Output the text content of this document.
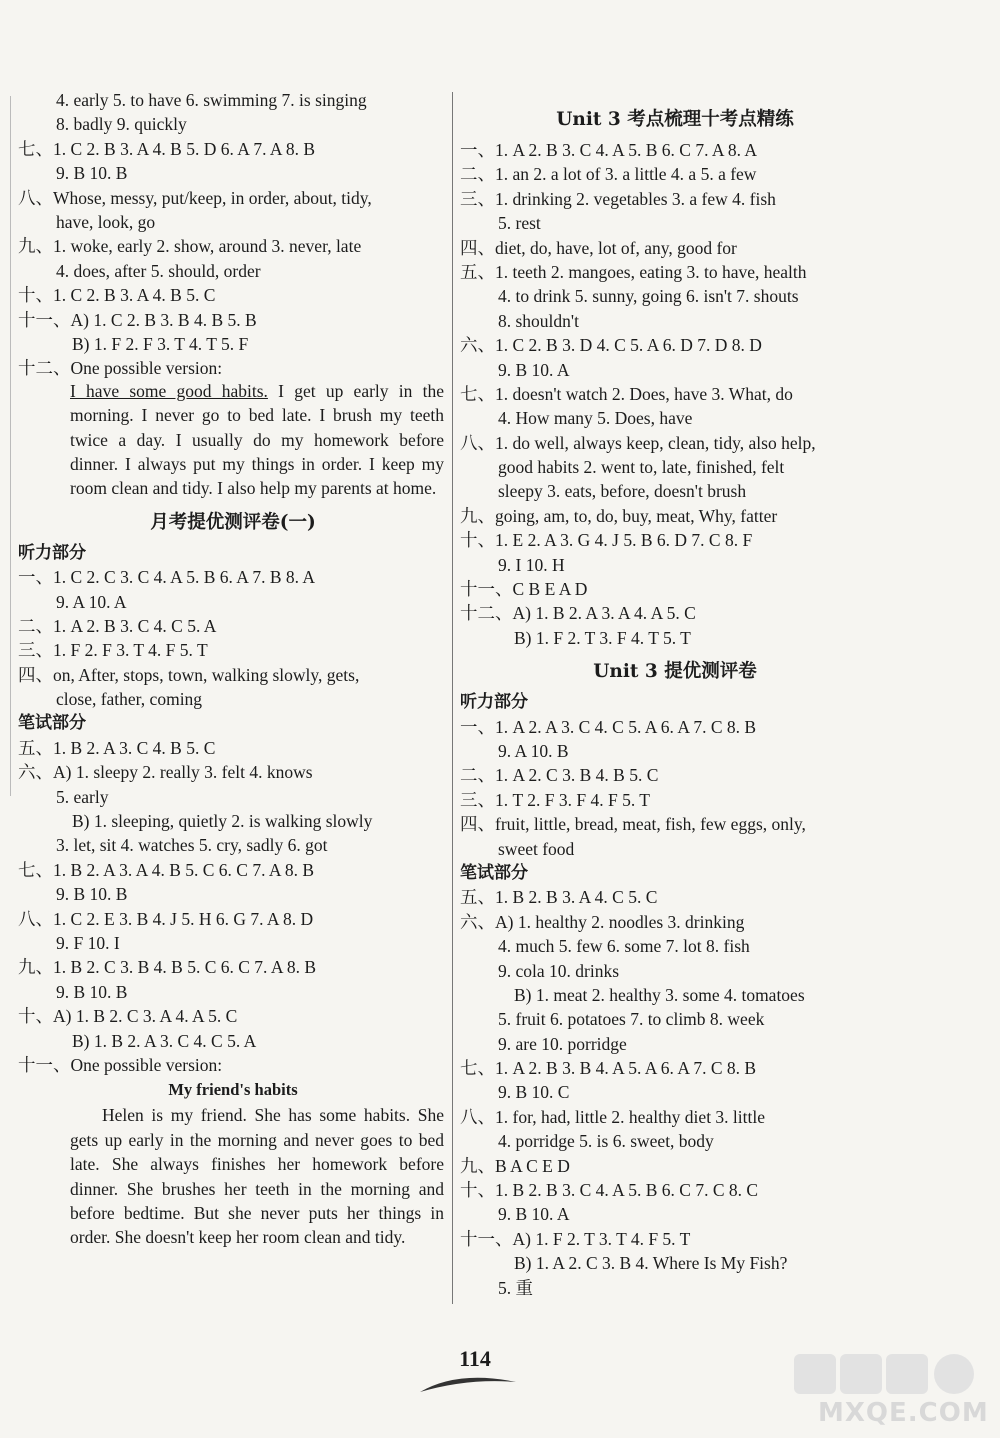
4. early 5. to have 6. swimming 7. is singing
8. badly 9. quickly
七、1. C 2. B 3. A 4. B 5. D 6. A 7. A 8. B
9. B 10. B
八、Whose, messy, put/keep, in order, about, tidy,
have, look, go
九、1. woke, early 2. show, around 3. never, late
4. does, after 5. should, order
十、1. C 2. B 3. A 4. B 5. C
十一、A) 1. C 2. B 3. B 4. B 5. B
B) 1. F 2. F 3. T 4. T 5. F
十二、One possible version:
I have some good habits. I get up early in the morning. I never go to bed late. I brush my teeth twice a day. I usually do my homework before dinner. I always put my things in order. I keep my room clean and tidy. I also help my parents at home.
月考提优测评卷(一)
听力部分
一、1. C 2. C 3. C 4. A 5. B 6. A 7. B 8. A
9. A 10. A
二、1. A 2. B 3. C 4. C 5. A
三、1. F 2. F 3. T 4. F 5. T
四、on, After, stops, town, walking slowly, gets,
close, father, coming
笔试部分
五、1. B 2. A 3. C 4. B 5. C
六、A) 1. sleepy 2. really 3. felt 4. knows
5. early
B) 1. sleeping, quietly 2. is walking slowly
3. let, sit 4. watches 5. cry, sadly 6. got
七、1. B 2. A 3. A 4. B 5. C 6. C 7. A 8. B
9. B 10. B
八、1. C 2. E 3. B 4. J 5. H 6. G 7. A 8. D
9. F 10. I
九、1. B 2. C 3. B 4. B 5. C 6. C 7. A 8. B
9. B 10. B
十、A) 1. B 2. C 3. A 4. A 5. C
B) 1. B 2. A 3. C 4. C 5. A
十一、One possible version:
My friend's habits
Helen is my friend. She has some habits. She gets up early in the morning and never goes to bed late. She always finishes her homework before dinner. She brushes her teeth in the morning and before bedtime. But she never puts her things in order. She doesn't keep her room clean and tidy.
Unit 3 考点梳理十考点精练
一、1. A 2. B 3. C 4. A 5. B 6. C 7. A 8. A
二、1. an 2. a lot of 3. a little 4. a 5. a few
三、1. drinking 2. vegetables 3. a few 4. fish
5. rest
四、diet, do, have, lot of, any, good for
五、1. teeth 2. mangoes, eating 3. to have, health
4. to drink 5. sunny, going 6. isn't 7. shouts
8. shouldn't
六、1. C 2. B 3. D 4. C 5. A 6. D 7. D 8. D
9. B 10. A
七、1. doesn't watch 2. Does, have 3. What, do
4. How many 5. Does, have
八、1. do well, always keep, clean, tidy, also help,
good habits 2. went to, late, finished, felt
sleepy 3. eats, before, doesn't brush
九、going, am, to, do, buy, meat, Why, fatter
十、1. E 2. A 3. G 4. J 5. B 6. D 7. C 8. F
9. I 10. H
十一、C B E A D
十二、A) 1. B 2. A 3. A 4. A 5. C
B) 1. F 2. T 3. F 4. T 5. T
Unit 3 提优测评卷
听力部分
一、1. A 2. A 3. C 4. C 5. A 6. A 7. C 8. B
9. A 10. B
二、1. A 2. C 3. B 4. B 5. C
三、1. T 2. F 3. F 4. F 5. T
四、fruit, little, bread, meat, fish, few eggs, only,
sweet food
笔试部分
五、1. B 2. B 3. A 4. C 5. C
六、A) 1. healthy 2. noodles 3. drinking
4. much 5. few 6. some 7. lot 8. fish
9. cola 10. drinks
B) 1. meat 2. healthy 3. some 4. tomatoes
5. fruit 6. potatoes 7. to climb 8. week
9. are 10. porridge
七、1. A 2. B 3. B 4. A 5. A 6. A 7. C 8. B
9. B 10. C
八、1. for, had, little 2. healthy diet 3. little
4. porridge 5. is 6. sweet, body
九、B A C E D
十、1. B 2. B 3. C 4. A 5. B 6. C 7. C 8. C
9. B 10. A
十一、A) 1. F 2. T 3. T 4. F 5. T
B) 1. A 2. C 3. B 4. Where Is My Fish?
5. 重
114
MXQE.COM
